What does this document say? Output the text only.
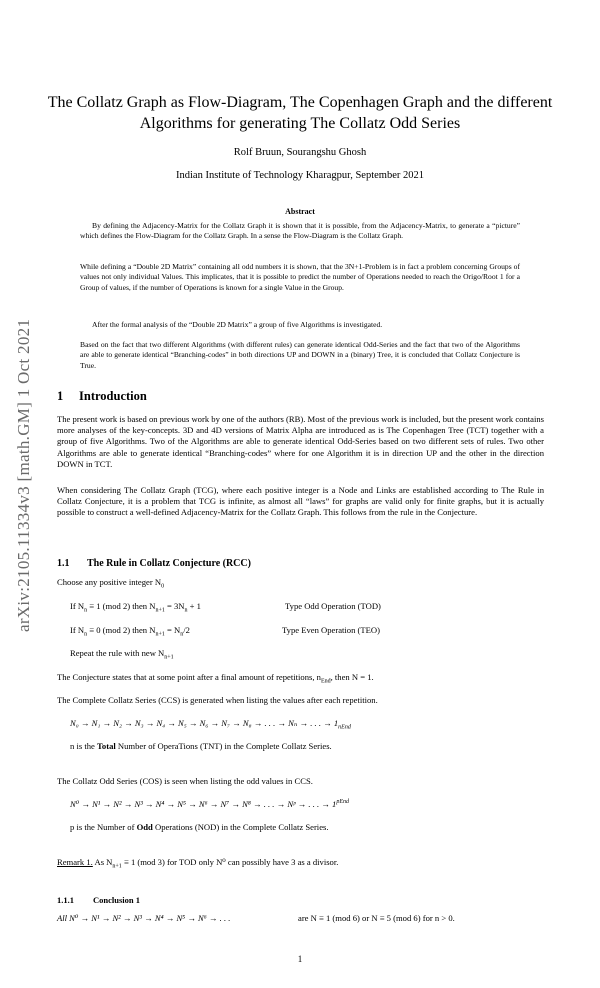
arXiv:2105.11334v3 [math.GM] 1 Oct 2021
The Collatz Graph as Flow-Diagram, The Copenhagen Graph and the different Algorithms for generating The Collatz Odd Series
Rolf Bruun, Sourangshu Ghosh
Indian Institute of Technology Kharagpur, September 2021
Abstract
By defining the Adjacency-Matrix for the Collatz Graph it is shown that it is possible, from the Adjacency-Matrix, to generate a “picture” which defines the Flow-Diagram for the Collatz Graph. In a sense the Flow-Diagram is the Collatz Graph.
While defining a “Double 2D Matrix” containing all odd numbers it is shown, that the 3N+1-Problem is in fact a problem concerning Groups of values not only individual Values. This implicates, that it is possible to predict the number of Operations needed to reach the Origo/Root 1 for a Group of values, if the number of Operations is known for a single Value in the Group.
After the formal analysis of the “Double 2D Matrix” a group of five Algorithms is investigated.
Based on the fact that two different Algorithms (with different rules) can generate identical Odd-Series and the fact that two of the Algorithms are able to generate identical “Branching-codes” in both directions UP and DOWN in a (binary) Tree, it is concluded that Collatz Conjecture is True.
1 Introduction
The present work is based on previous work by one of the authors (RB). Most of the previous work is included, but the present work contains more analyses of the key-concepts. 3D and 4D versions of Matrix Alpha are introduced as is The Copenhagen Tree (TCT) together with a group of five Algorithms. Two of the Algorithms are able to generate identical Odd-Series based on two different sets of rules. Two other Algorithms are able to generate identical “Branching-codes” where for one Algorithm it is in direction UP and the other in the direction DOWN in TCT.
When considering The Collatz Graph (TCG), where each positive integer is a Node and Links are established according to The Rule in Collatz Conjecture, it is a problem that TCG is infinite, as almost all “laws” for graphs are valid only for finite graphs, but it is actually possible to construct a well-defined Adjacency-Matrix for the Collatz Graph. This follows from the rule in the Conjecture.
1.1 The Rule in Collatz Conjecture (RCC)
Choose any positive integer $N_0$
If $N_n \equiv 1$ (mod 2) then $N_{n+1} = 3N_n + 1$	Type Odd Operation (TOD)
If $N_n \equiv 0$ (mod 2) then $N_{n+1} = N_n/2$	Type Even Operation (TEO)
Repeat the rule with new $N_{n+1}$
The Conjecture states that at some point after a final amount of repetitions, $n_{End}$, then N = 1.
The Complete Collatz Series (CCS) is generated when listing the values after each repetition.
N₀ → N₁ → N₂ → N₃ → N₄ → N₅ → N₆ → N₇ → N₈ → . . . → Nₙ → . . . → $1_{nEnd}$
n is the Total Number of OperaTions (TNT) in the Complete Collatz Series.
The Collatz Odd Series (COS) is seen when listing the odd values in CCS.
N⁰ → N¹ → N² → N³ → N⁴ → N⁵ → N⁶ → N⁷ → N⁸ → . . . → Nᵖ → . . . → $1^{pEnd}$
p is the Number of Odd Operations (NOD) in the Complete Collatz Series.
Remark 1. As $N_{n+1} \equiv 1$ (mod 3) for TOD only N⁰ can possibly have 3 as a divisor.
1.1.1 Conclusion 1
All N⁰ → N¹ → N² → N³ → N⁴ → N⁵ → N⁶ → . . .	are N ≡ 1 (mod 6) or N ≡ 5 (mod 6) for n > 0.
1
